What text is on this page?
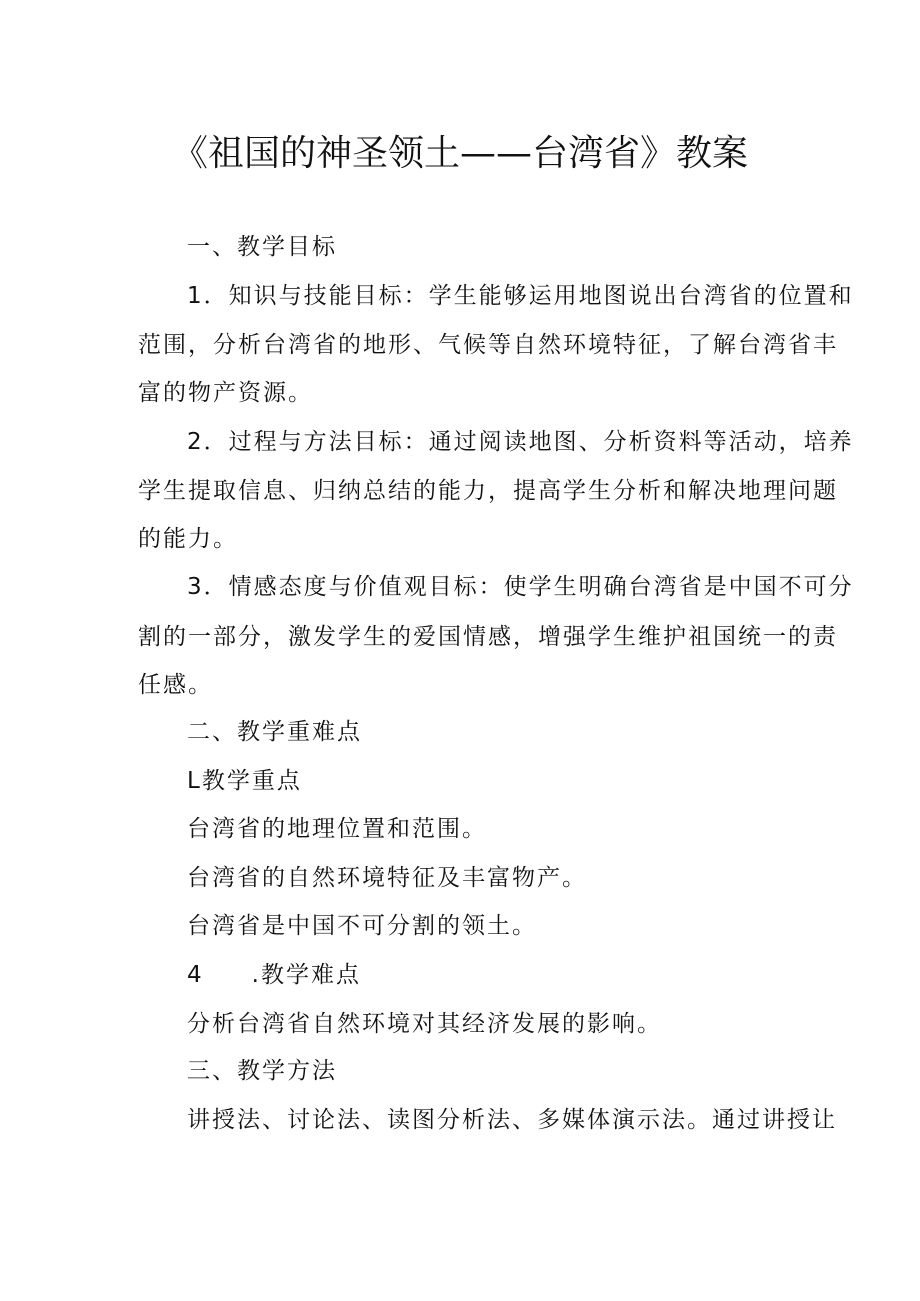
《祖国的神圣领土——台湾省》教案
一、教学目标
1．知识与技能目标：学生能够运用地图说出台湾省的位置和
范围，分析台湾省的地形、气候等自然环境特征，了解台湾省丰
富的物产资源。
2．过程与方法目标：通过阅读地图、分析资料等活动，培养
学生提取信息、归纳总结的能力，提高学生分析和解决地理问题
的能力。
3．情感态度与价值观目标：使学生明确台湾省是中国不可分
割的一部分，激发学生的爱国情感，增强学生维护祖国统一的责
任感。
二、教学重难点
L教学重点
台湾省的地理位置和范围。
台湾省的自然环境特征及丰富物产。
台湾省是中国不可分割的领土。
4 .教学难点
分析台湾省自然环境对其经济发展的影响。
三、教学方法
讲授法、讨论法、读图分析法、多媒体演示法。通过讲授让
